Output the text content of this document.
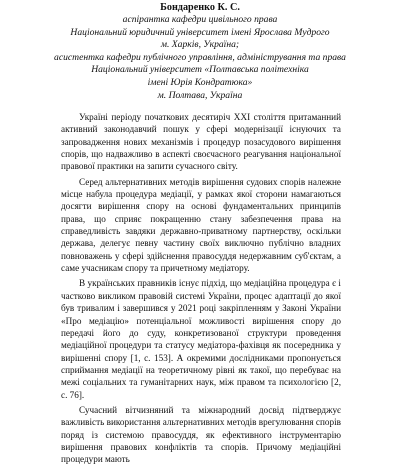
Бондаренко К. С.
аспірантка кафедри цивільного права
Національний юридичний університет імені Ярослава Мудрого
м. Харків, Україна;
асистентка кафедри публічного управління, адміністрування та права
Національний університет «Полтавська політехніка
імені Юрія Кондратюка»
м. Полтава, Україна

Україні періоду початкових десятиріч XXI століття притаманний активний законодавчий пошук у сфері модернізації існуючих та запровадження нових механізмів і процедур позасудового вирішення спорів, що надважливо в аспекті своєчасного реагування національної правової практики на запити сучасного світу.

Серед альтернативних методів вирішення судових спорів належне місце набула процедура медіації, у рамках якої сторони намагаються досягти вирішення спору на основі фундаментальних принципів права, що сприяє покращенню стану забезпечення права на справедливість завдяки державно-приватному партнерству, оскільки держава, делегує певну частину своїх виключно публічно владних повноважень у сфері здійснення правосуддя недержавним суб'єктам, а саме учасникам спору та причетному медіатору.

В українських правників існує підхід, що медіаційна процедура є і частково викликом правовій системі України, процес адаптації до якої був тривалим і завершився у 2021 році закріпленням у Законі України «Про медіацію» потенціальної можливості вирішення спору до передачі його до суду, конкретизованої структури проведення медіаційної процедури та статусу медіатора-фахівця як посередника у вирішенні спору [1, с. 153]. А окремими дослідниками пропонується сприймання медіації на теоретичному рівні як такої, що перебуває на межі соціальних та гуманітарних наук, між правом та психологією [2, с. 76].

Сучасний вітчизняний та міжнародний досвід підтверджує важливість використання альтернативних методів врегулювання спорів поряд із системою правосуддя, як ефективного інструментарію вирішення правових конфліктів та спорів. Причому медіаційні процедури мають
